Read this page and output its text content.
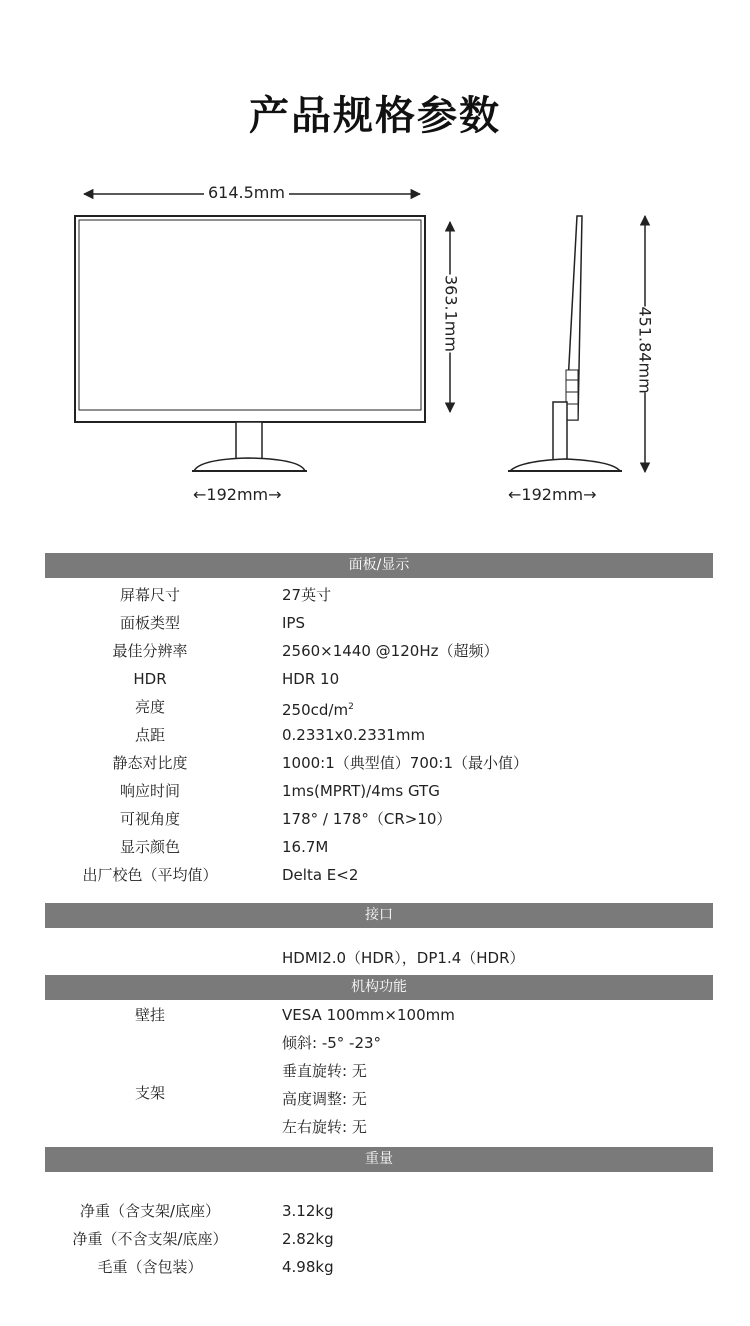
产品规格参数
614.5mm
363.1mm
←192mm→
451.84mm
←192mm→
面板/显示
屏幕尺寸	27英寸
面板类型	IPS
最佳分辨率	2560×1440 @120Hz（超频）
HDR	HDR 10
亮度	$250cd/m^2$
点距	0.2331x0.2331mm
静态对比度	1000:1（典型值）700:1（最小值）
响应时间	1ms(MPRT)/4ms GTG
可视角度	178° / 178°（CR>10）
显示颜色	16.7M
出厂校色（平均值）	Delta E<2
接口
HDMI2.0（HDR），DP1.4（HDR）
机构功能
壁挂	VESA 100mm×100mm
支架
倾斜: -5° -23°
垂直旋转: 无
高度调整: 无
左右旋转: 无
重量
净重（含支架/底座）	3.12kg
净重（不含支架/底座）	2.82kg
毛重（含包装）	4.98kg
